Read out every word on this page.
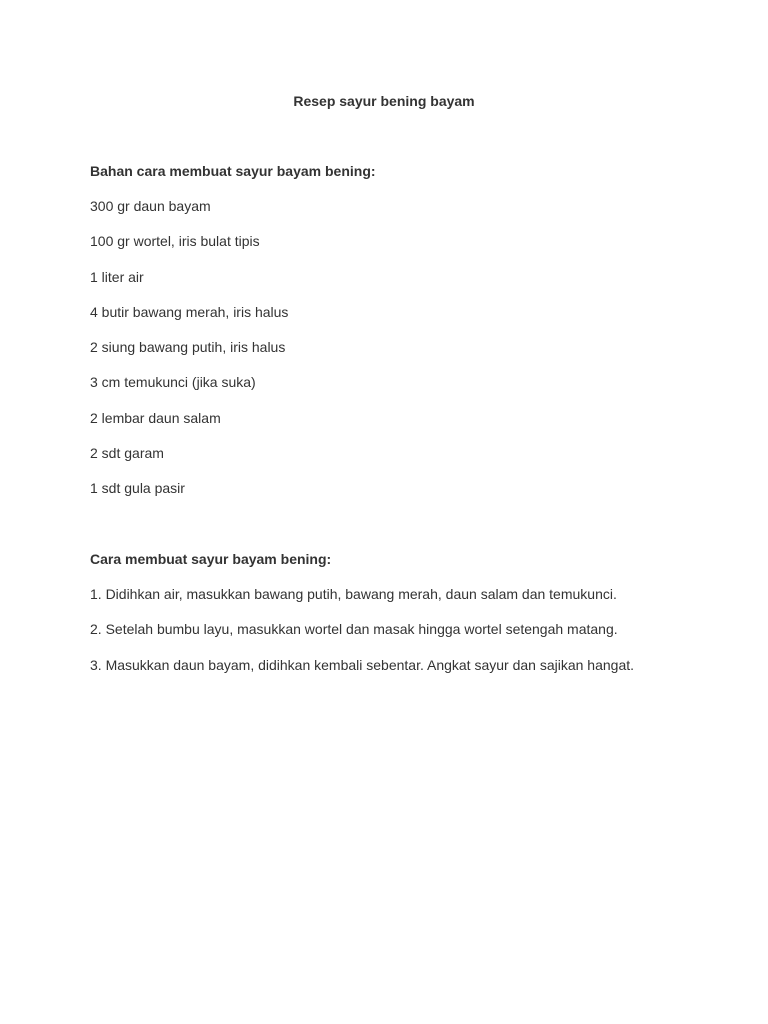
Resep sayur bening bayam
Bahan cara membuat sayur bayam bening:
300 gr daun bayam
100 gr wortel, iris bulat tipis
1 liter air
4 butir bawang merah, iris halus
2 siung bawang putih, iris halus
3 cm temukunci (jika suka)
2 lembar daun salam
2 sdt garam
1 sdt gula pasir
Cara membuat sayur bayam bening:
1. Didihkan air, masukkan bawang putih, bawang merah, daun salam dan temukunci.
2. Setelah bumbu layu, masukkan wortel dan masak hingga wortel setengah matang.
3. Masukkan daun bayam, didihkan kembali sebentar. Angkat sayur dan sajikan hangat.
